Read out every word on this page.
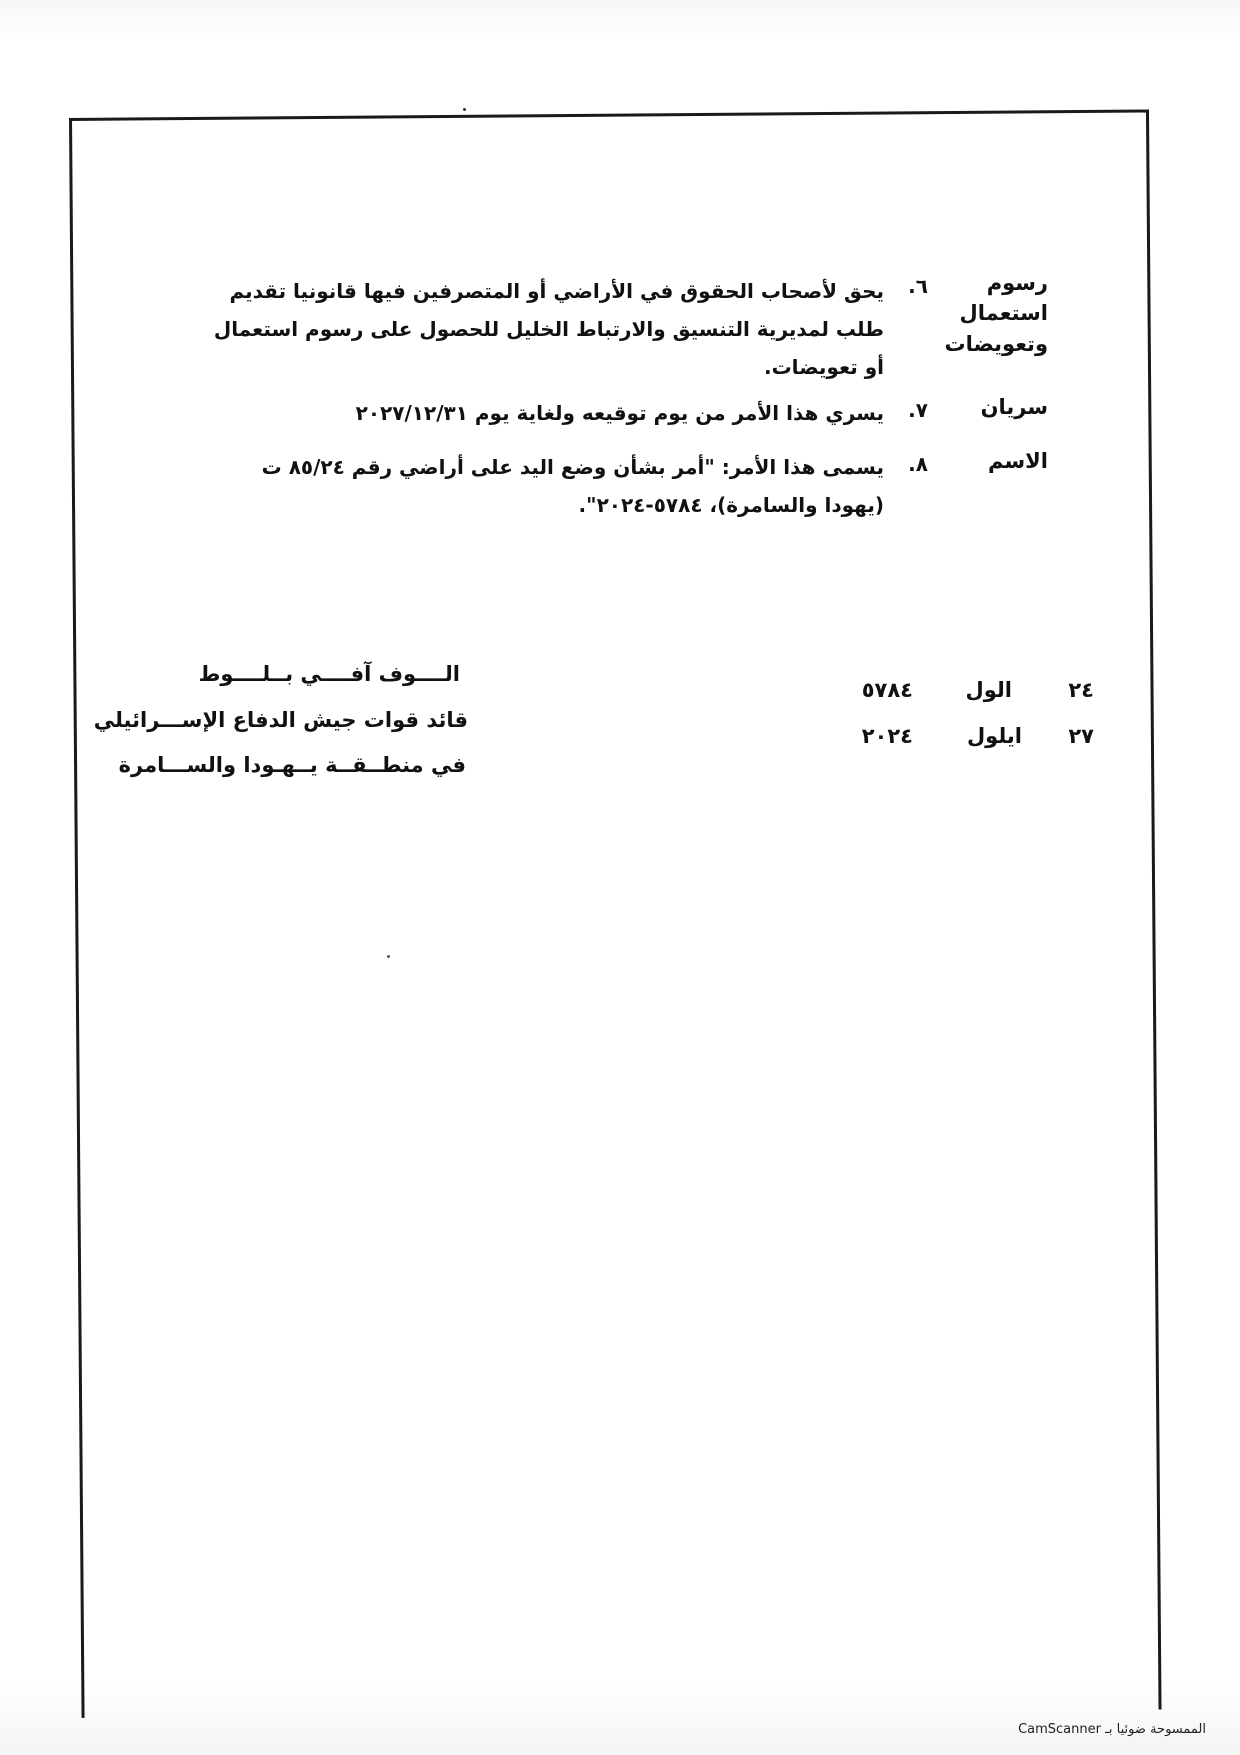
رسوم استعمال وتعويضات
٦.
يحق لأصحاب الحقوق في الأراضي أو المتصرفين فيها قانونيا تقديم طلب لمديرية التنسيق والارتباط الخليل للحصول على رسوم استعمال أو تعويضات.
سريان
٧.
يسري هذا الأمر من يوم توقيعه ولغاية يوم ٢٠٢٧/١٢/٣١
الاسم
٨.
يسمى هذا الأمر: "أمر بشأن وضع اليد على أراضي رقم ٨٥/٢٤ ت (يهودا والسامرة)، ٥٧٨٤-٢٠٢٤".
الــــوف آفــــي بــلــــوط
قائد قوات جيش الدفاع الإســـرائيلي
في منطــقــة يــهـودا والســـامرة
٢٤
الول
٥٧٨٤
٢٧
ايلول
٢٠٢٤
الممسوحة ضوئيا بـ CamScanner
